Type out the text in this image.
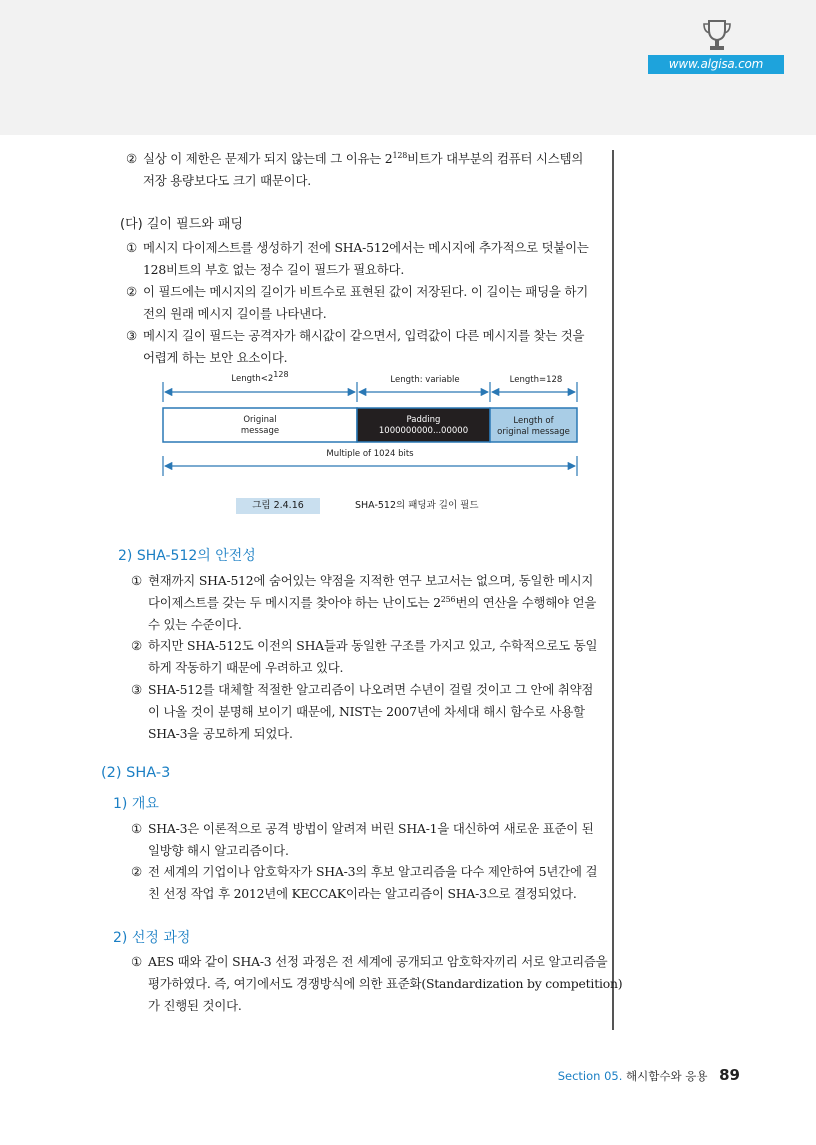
www.algisa.com
② 실상 이 제한은 문제가 되지 않는데 그 이유는 $2^{128}$비트가 대부분의 컴퓨터 시스템의
저장 용량보다도 크기 때문이다.
(다) 길이 필드와 패딩
① 메시지 다이제스트를 생성하기 전에 SHA-512에서는 메시지에 추가적으로 덧붙이는
128비트의 부호 없는 정수 길이 필드가 필요하다.
② 이 필드에는 메시지의 길이가 비트수로 표현된 값이 저장된다. 이 길이는 패딩을 하기
전의 원래 메시지 길이를 나타낸다.
③ 메시지 길이 필드는 공격자가 해시값이 같으면서, 입력값이 다른 메시지를 찾는 것을
어렵게 하는 보안 요소이다.
Length<2128
Length: variable	Length=128
Original
message
Padding
1000000000...00000
Length of
original message
Multiple of 1024 bits
그림 2.4.16	SHA-512의 패딩과 길이 필드
2) SHA-512의 안전성
① 현재까지 SHA-512에 숨어있는 약점을 지적한 연구 보고서는 없으며, 동일한 메시지
다이제스트를 갖는 두 메시지를 찾아야 하는 난이도는 $2^{256}$번의 연산을 수행해야 얻을
수 있는 수준이다.
② 하지만 SHA-512도 이전의 SHA들과 동일한 구조를 가지고 있고, 수학적으로도 동일
하게 작동하기 때문에 우려하고 있다.
③ SHA-512를 대체할 적절한 알고리즘이 나오려면 수년이 걸릴 것이고 그 안에 취약점
이 나올 것이 분명해 보이기 때문에, NIST는 2007년에 차세대 해시 함수로 사용할
SHA-3을 공모하게 되었다.
(2) SHA-3
1) 개요
① SHA-3은 이론적으로 공격 방법이 알려져 버린 SHA-1을 대신하여 새로운 표준이 된
일방향 해시 알고리즘이다.
② 전 세계의 기업이나 암호학자가 SHA-3의 후보 알고리즘을 다수 제안하여 5년간에 걸
친 선정 작업 후 2012년에 KECCAK이라는 알고리즘이 SHA-3으로 결정되었다.
2) 선정 과정
① AES 때와 같이 SHA-3 선정 과정은 전 세계에 공개되고 암호학자끼리 서로 알고리즘을
평가하였다. 즉, 여기에서도 경쟁방식에 의한 표준화(Standardization by competition)
가 진행된 것이다.
Section 05. 해시함수와 응용 89
